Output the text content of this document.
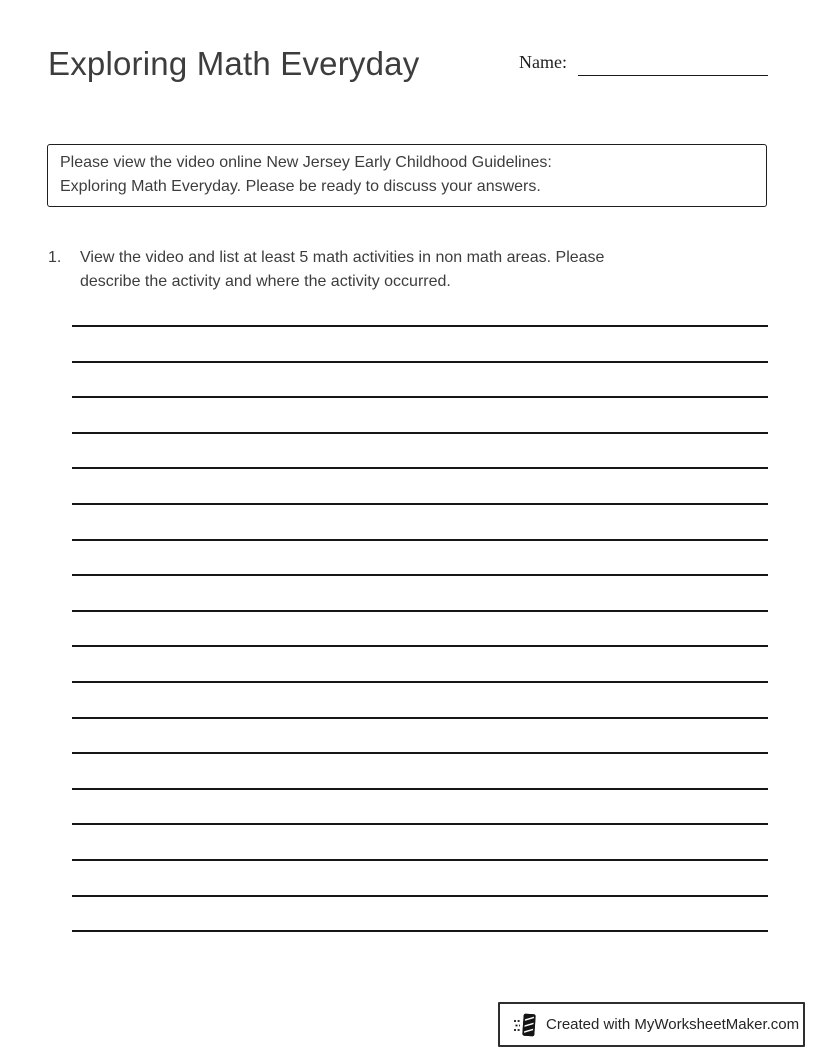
Exploring Math Everyday	Name:
Please view the video online New Jersey Early Childhood Guidelines:
Exploring Math Everyday. Please be ready to discuss your answers.
1. View the video and list at least 5 math activities in non math areas. Please
describe the activity and where the activity occurred.
Created with MyWorksheetMaker.com
